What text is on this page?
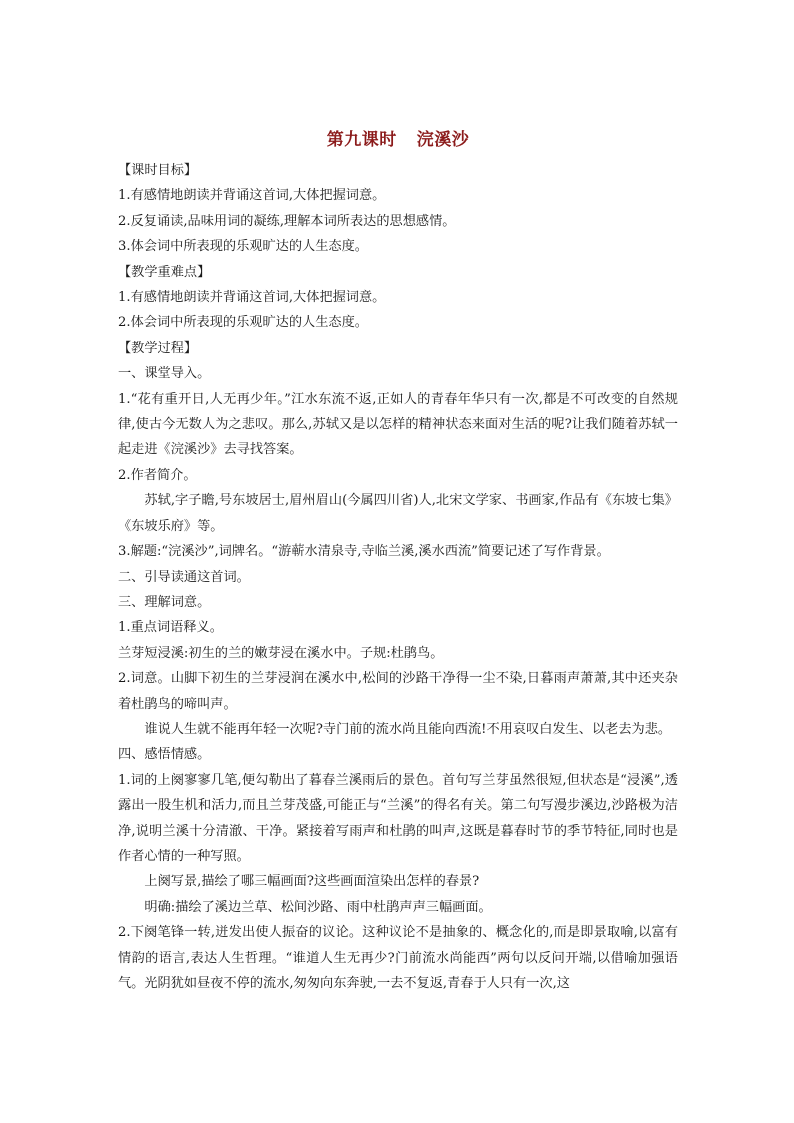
第九课时 浣溪沙

【课时目标】

1.有感情地朗读并背诵这首词,大体把握词意。

2.反复诵读,品味用词的凝练,理解本词所表达的思想感情。

3.体会词中所表现的乐观旷达的人生态度。

【教学重难点】

1.有感情地朗读并背诵这首词,大体把握词意。

2.体会词中所表现的乐观旷达的人生态度。

【教学过程】

一、课堂导入。

1.“花有重开日,人无再少年。”江水东流不返,正如人的青春年华只有一次,都是不可改变的自然规律,使古今无数人为之悲叹。那么,苏轼又是以怎样的精神状态来面对生活的呢?让我们随着苏轼一起走进《浣溪沙》去寻找答案。

2.作者简介。

苏轼,字子瞻,号东坡居士,眉州眉山(今属四川省)人,北宋文学家、书画家,作品有《东坡七集》《东坡乐府》等。

3.解题:“浣溪沙”,词牌名。“游蕲水清泉寺,寺临兰溪,溪水西流”简要记述了写作背景。

二、引导读通这首词。

三、理解词意。

1.重点词语释义。

兰芽短浸溪:初生的兰的嫩芽浸在溪水中。子规:杜鹃鸟。

2.词意。山脚下初生的兰芽浸润在溪水中,松间的沙路干净得一尘不染,日暮雨声萧萧,其中还夹杂着杜鹃鸟的啼叫声。

谁说人生就不能再年轻一次呢?寺门前的流水尚且能向西流!不用哀叹白发生、以老去为悲。

四、感悟情感。

1.词的上阕寥寥几笔,便勾勒出了暮春兰溪雨后的景色。首句写兰芽虽然很短,但状态是“浸溪”,透露出一股生机和活力,而且兰芽茂盛,可能正与“兰溪”的得名有关。第二句写漫步溪边,沙路极为洁净,说明兰溪十分清澈、干净。紧接着写雨声和杜鹃的叫声,这既是暮春时节的季节特征,同时也是作者心情的一种写照。

上阕写景,描绘了哪三幅画面?这些画面渲染出怎样的春景?

明确:描绘了溪边兰草、松间沙路、雨中杜鹃声声三幅画面。

2.下阕笔锋一转,迸发出使人振奋的议论。这种议论不是抽象的、概念化的,而是即景取喻,以富有情韵的语言,表达人生哲理。“谁道人生无再少?门前流水尚能西”两句以反问开端,以借喻加强语气。光阴犹如昼夜不停的流水,匆匆向东奔驶,一去不复返,青春于人只有一次,这
